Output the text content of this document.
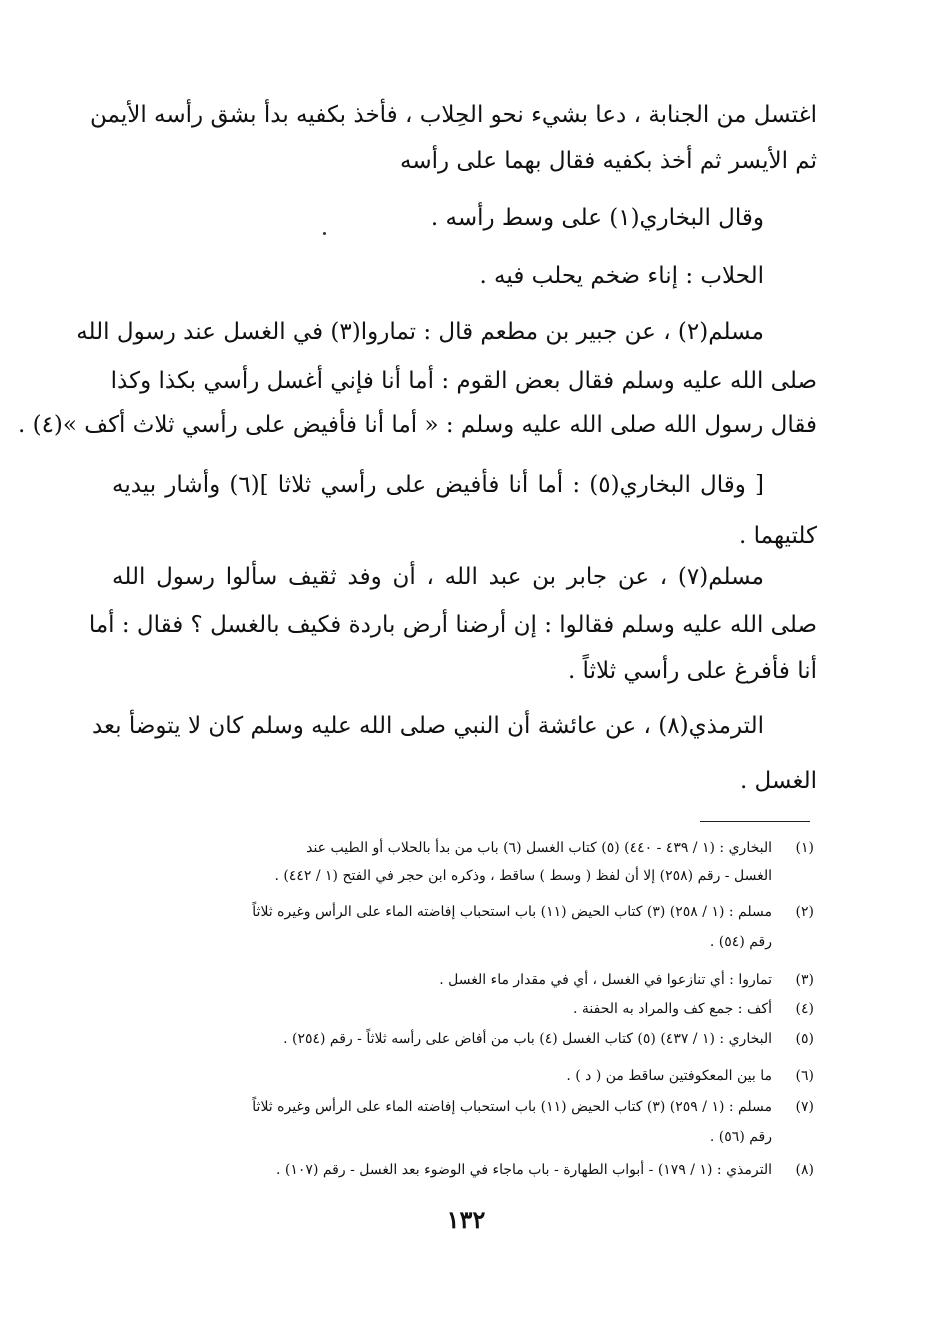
اغتسل من الجنابة ، دعا بشيء نحو الحِلاب ، فأخذ بكفيه بدأ بشق رأسه الأيمن
ثم الأيسر ثم أخذ بكفيه فقال بهما على رأسه
وقال البخاري(١) على وسط رأسه .
الحلاب : إناء ضخم يحلب فيه .
مسلم(٢) ، عن جبير بن مطعم قال : تماروا(٣) في الغسل عند رسول الله
صلى الله عليه وسلم فقال بعض القوم : أما أنا فإني أغسل رأسي بكذا وكذا
فقال رسول الله صلى الله عليه وسلم : « أما أنا فأفيض على رأسي ثلاث أكف »(٤) .
[ وقال البخاري(٥) : أما أنا فأفيض على رأسي ثلاثا ](٦) وأشار بيديه
كلتيهما .
مسلم(٧) ، عن جابر بن عبد الله ، أن وفد ثقيف سألوا رسول الله
صلى الله عليه وسلم فقالوا : إن أرضنا أرض باردة فكيف بالغسل ؟ فقال : أما
أنا فأفرغ على رأسي ثلاثاً .
الترمذي(٨) ، عن عائشة أن النبي صلى الله عليه وسلم كان لا يتوضأ بعد
الغسل .
(١)
البخاري : (١ / ٤٣٩ - ٤٤٠) (٥) كتاب الغسل (٦) باب من بدأ بالحلاب أو الطيب عند
الغسل - رقم (٢٥٨) إلا أن لفظ ( وسط ) ساقط ، وذكره ابن حجر في الفتح (١ / ٤٤٢) .
(٢)
مسلم : (١ / ٢٥٨) (٣) كتاب الحيض (١١) باب استحباب إفاضته الماء على الرأس وغيره ثلاثاً
رقم (٥٤) .
(٣)
تماروا : أي تنازعوا في الغسل ، أي في مقدار ماء الغسل .
(٤)
أكف : جمع كف والمراد به الحفنة .
(٥)
البخاري : (١ / ٤٣٧) (٥) كتاب الغسل (٤) باب من أفاض على رأسه ثلاثاً - رقم (٢٥٤) .
(٦)
ما بين المعكوفتين ساقط من ( د ) .
(٧)
مسلم : (١ / ٢٥٩) (٣) كتاب الحيض (١١) باب استحباب إفاضته الماء على الرأس وغيره ثلاثاً
رقم (٥٦) .
(٨)
الترمذي : (١ / ١٧٩) - أبواب الطهارة - باب ماجاء في الوضوء بعد الغسل - رقم (١٠٧) .
١٣٢
